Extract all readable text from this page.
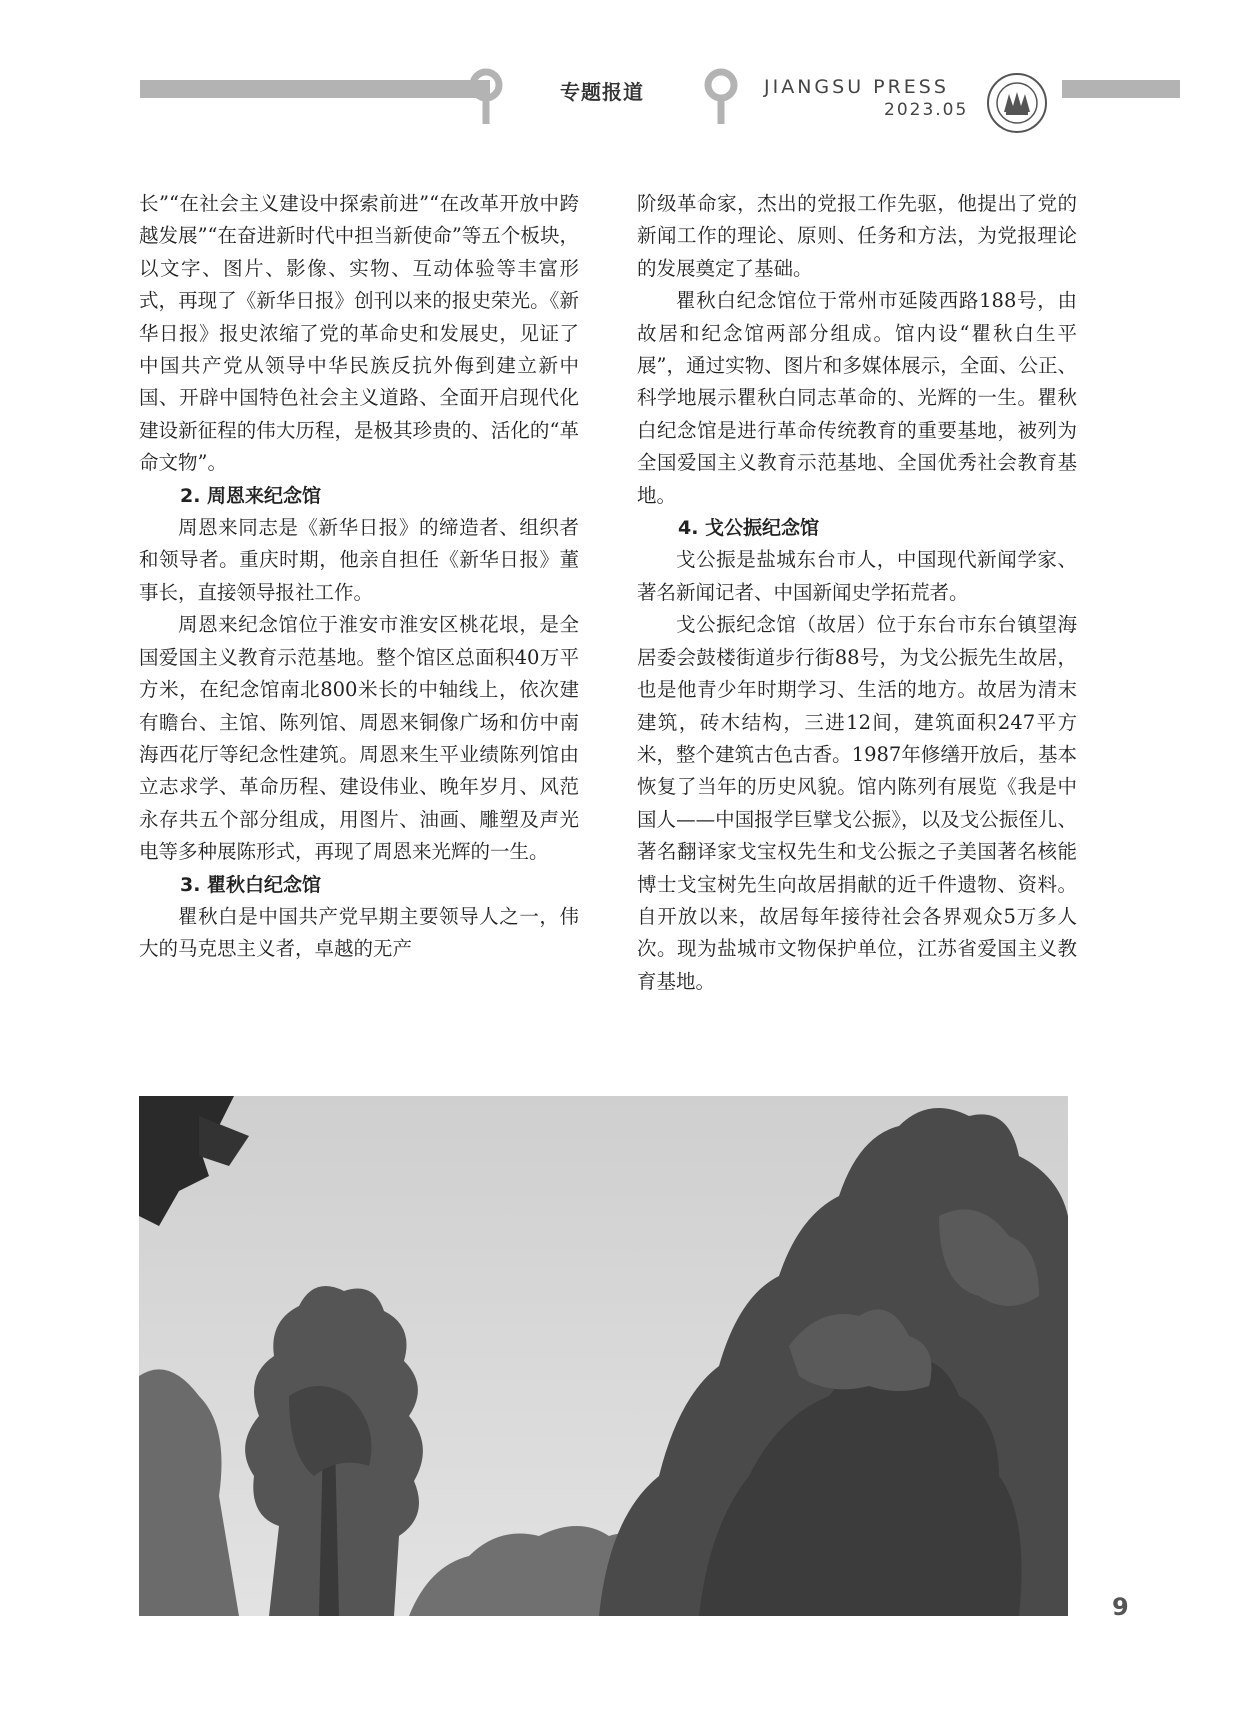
专题报道	JIANGSU PRESS
2023.05

长”“在社会主义建设中探索前进”“在改革开放中跨越发展”“在奋进新时代中担当新使命”等五个板块，以文字、图片、影像、实物、互动体验等丰富形式，再现了《新华日报》创刊以来的报史荣光。《新华日报》报史浓缩了党的革命史和发展史，见证了中国共产党从领导中华民族反抗外侮到建立新中国、开辟中国特色社会主义道路、全面开启现代化建设新征程的伟大历程，是极其珍贵的、活化的“革命文物”。

2. 周恩来纪念馆

周恩来同志是《新华日报》的缔造者、组织者和领导者。重庆时期，他亲自担任《新华日报》董事长，直接领导报社工作。

周恩来纪念馆位于淮安市淮安区桃花垠，是全国爱国主义教育示范基地。整个馆区总面积40万平方米，在纪念馆南北800米长的中轴线上，依次建有瞻台、主馆、陈列馆、周恩来铜像广场和仿中南海西花厅等纪念性建筑。周恩来生平业绩陈列馆由立志求学、革命历程、建设伟业、晚年岁月、风范永存共五个部分组成，用图片、油画、雕塑及声光电等多种展陈形式，再现了周恩来光辉的一生。

3. 瞿秋白纪念馆

瞿秋白是中国共产党早期主要领导人之一，伟大的马克思主义者，卓越的无产

阶级革命家，杰出的党报工作先驱，他提出了党的新闻工作的理论、原则、任务和方法，为党报理论的发展奠定了基础。

瞿秋白纪念馆位于常州市延陵西路188号，由故居和纪念馆两部分组成。馆内设“瞿秋白生平展”，通过实物、图片和多媒体展示，全面、公正、科学地展示瞿秋白同志革命的、光辉的一生。瞿秋白纪念馆是进行革命传统教育的重要基地，被列为全国爱国主义教育示范基地、全国优秀社会教育基地。

4. 戈公振纪念馆

戈公振是盐城东台市人，中国现代新闻学家、著名新闻记者、中国新闻史学拓荒者。

戈公振纪念馆（故居）位于东台市东台镇望海居委会鼓楼街道步行街88号，为戈公振先生故居，也是他青少年时期学习、生活的地方。故居为清末建筑，砖木结构，三进12间，建筑面积247平方米，整个建筑古色古香。1987年修缮开放后，基本恢复了当年的历史风貌。馆内陈列有展览《我是中国人——中国报学巨擘戈公振》，以及戈公振侄儿、著名翻译家戈宝权先生和戈公振之子美国著名核能博士戈宝树先生向故居捐献的近千件遗物、资料。自开放以来，故居每年接待社会各界观众5万多人次。现为盐城市文物保护单位，江苏省爱国主义教育基地。

9
